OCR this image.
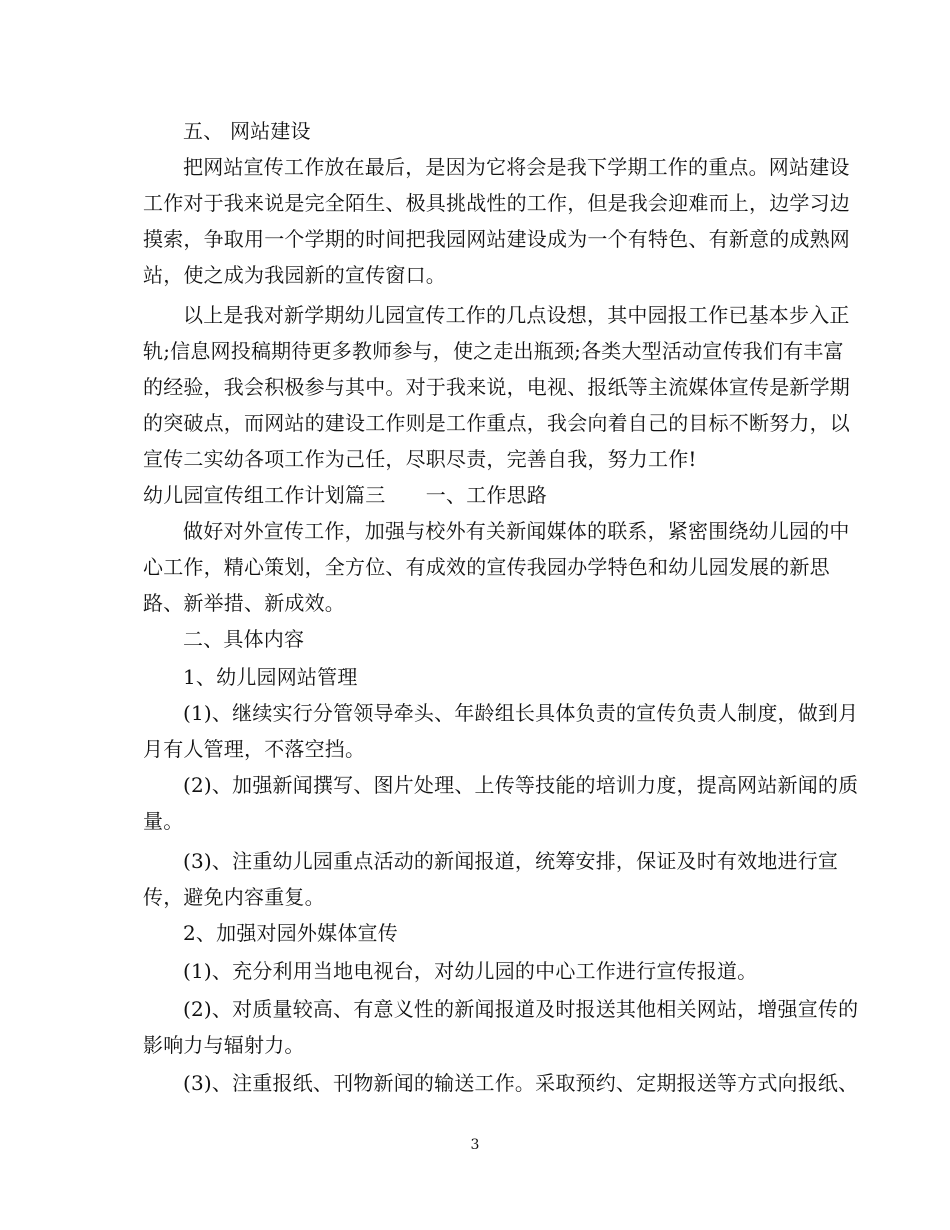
五、 网站建设
把网站宣传工作放在最后，是因为它将会是我下学期工作的重点。网站建设
工作对于我来说是完全陌生、极具挑战性的工作，但是我会迎难而上，边学习边
摸索，争取用一个学期的时间把我园网站建设成为一个有特色、有新意的成熟网
站，使之成为我园新的宣传窗口。
以上是我对新学期幼儿园宣传工作的几点设想，其中园报工作已基本步入正
轨;信息网投稿期待更多教师参与，使之走出瓶颈;各类大型活动宣传我们有丰富
的经验，我会积极参与其中。对于我来说，电视、报纸等主流媒体宣传是新学期
的突破点，而网站的建设工作则是工作重点，我会向着自己的目标不断努力，以
宣传二实幼各项工作为己任，尽职尽责，完善自我，努力工作!
幼儿园宣传组工作计划篇三　　一、工作思路
做好对外宣传工作，加强与校外有关新闻媒体的联系，紧密围绕幼儿园的中
心工作，精心策划，全方位、有成效的宣传我园办学特色和幼儿园发展的新思
路、新举措、新成效。
二、具体内容
1、幼儿园网站管理
(1)、继续实行分管领导牵头、年龄组长具体负责的宣传负责人制度，做到月
月有人管理，不落空挡。
(2)、加强新闻撰写、图片处理、上传等技能的培训力度，提高网站新闻的质
量。
(3)、注重幼儿园重点活动的新闻报道，统筹安排，保证及时有效地进行宣
传，避免内容重复。
2、加强对园外媒体宣传
(1)、充分利用当地电视台，对幼儿园的中心工作进行宣传报道。
(2)、对质量较高、有意义性的新闻报道及时报送其他相关网站，增强宣传的
影响力与辐射力。
(3)、注重报纸、刊物新闻的输送工作。采取预约、定期报送等方式向报纸、
3
